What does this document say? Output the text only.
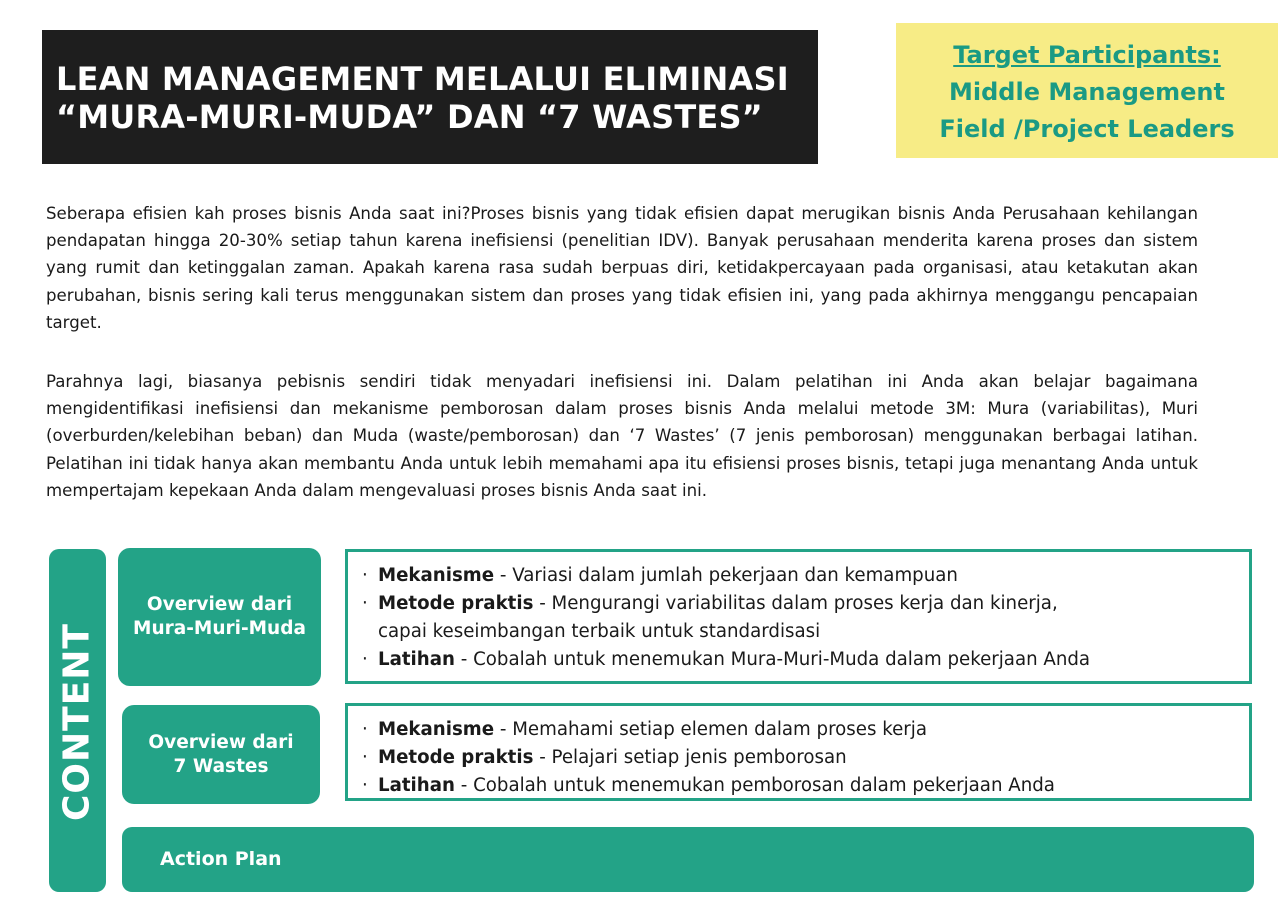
LEAN MANAGEMENT MELALUI ELIMINASI
“MURA-MURI-MUDA” DAN “7 WASTES”
Target Participants:
Middle Management
Field /Project Leaders
Seberapa efisien kah proses bisnis Anda saat ini?Proses bisnis yang tidak efisien dapat merugikan bisnis Anda Perusahaan kehilangan pendapatan hingga 20-30% setiap tahun karena inefisiensi (penelitian IDV). Banyak perusahaan menderita karena proses dan sistem yang rumit dan ketinggalan zaman. Apakah karena rasa sudah berpuas diri, ketidakpercayaan pada organisasi, atau ketakutan akan perubahan, bisnis sering kali terus menggunakan sistem dan proses yang tidak efisien ini, yang pada akhirnya menggangu pencapaian target.
Parahnya lagi, biasanya pebisnis sendiri tidak menyadari inefisiensi ini. Dalam pelatihan ini Anda akan belajar bagaimana mengidentifikasi inefisiensi dan mekanisme pemborosan dalam proses bisnis Anda melalui metode 3M: Mura (variabilitas), Muri (overburden/kelebihan beban) dan Muda (waste/pemborosan) dan ‘7 Wastes’ (7 jenis pemborosan) menggunakan berbagai latihan. Pelatihan ini tidak hanya akan membantu Anda untuk lebih memahami apa itu efisiensi proses bisnis, tetapi juga menantang Anda untuk mempertajam kepekaan Anda dalam mengevaluasi proses bisnis Anda saat ini.
CONTENT
Overview dari
Mura-Muri-Muda
· Mekanisme - Variasi dalam jumlah pekerjaan dan kemampuan
· Metode praktis - Mengurangi variabilitas dalam proses kerja dan kinerja,
capai keseimbangan terbaik untuk standardisasi
· Latihan - Cobalah untuk menemukan Mura-Muri-Muda dalam pekerjaan Anda
Overview dari
7 Wastes
· Mekanisme - Memahami setiap elemen dalam proses kerja
· Metode praktis - Pelajari setiap jenis pemborosan
· Latihan - Cobalah untuk menemukan pemborosan dalam pekerjaan Anda
Action Plan
